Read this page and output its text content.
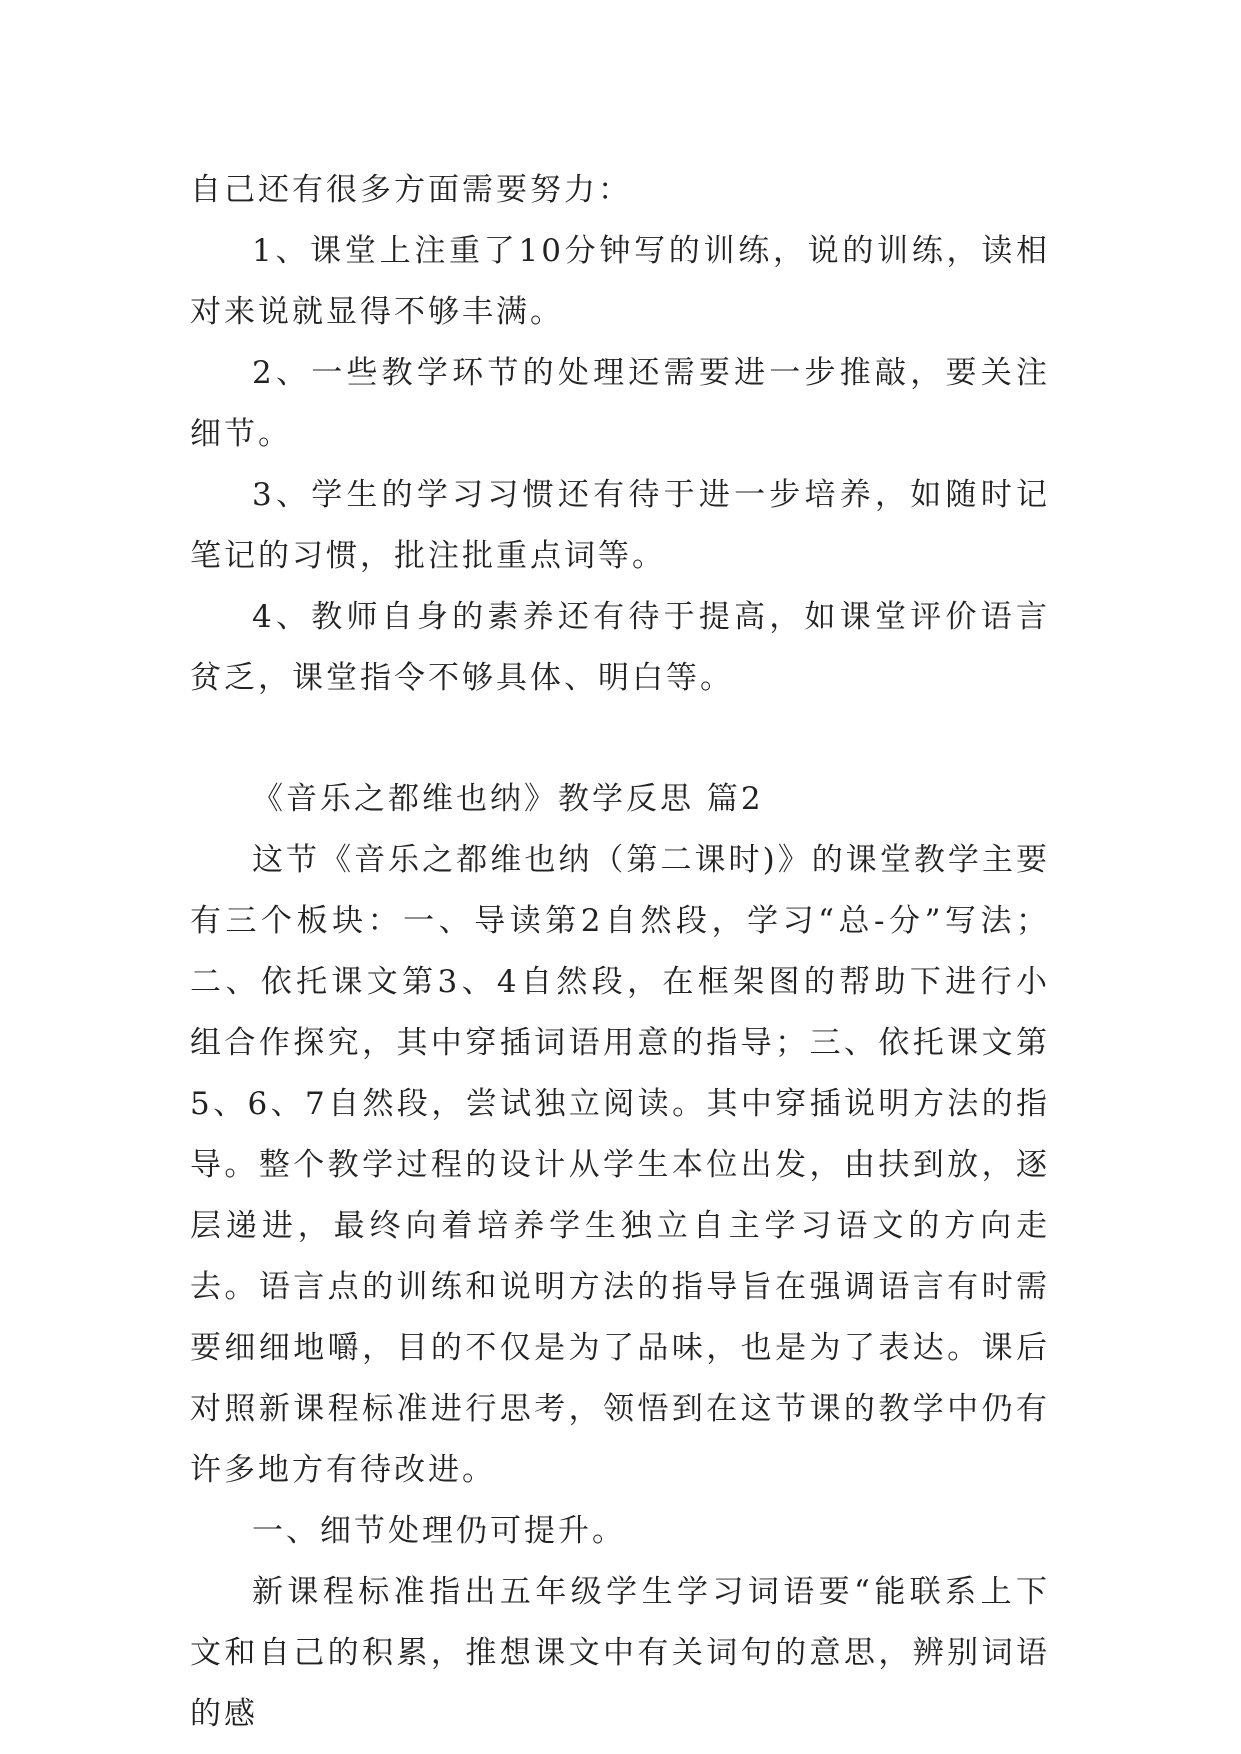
自己还有很多方面需要努力：

1、课堂上注重了10分钟写的训练，说的训练，读相对来说就显得不够丰满。

2、一些教学环节的处理还需要进一步推敲，要关注细节。

3、学生的学习习惯还有待于进一步培养，如随时记笔记的习惯，批注批重点词等。

4、教师自身的素养还有待于提高，如课堂评价语言贫乏，课堂指令不够具体、明白等。

《音乐之都维也纳》教学反思 篇2

这节《音乐之都维也纳（第二课时)》的课堂教学主要有三个板块：一、导读第2自然段，学习“总-分”写法；二、依托课文第3、4自然段，在框架图的帮助下进行小组合作探究，其中穿插词语用意的指导；三、依托课文第5、6、7自然段，尝试独立阅读。其中穿插说明方法的指导。整个教学过程的设计从学生本位出发，由扶到放，逐层递进，最终向着培养学生独立自主学习语文的方向走去。语言点的训练和说明方法的指导旨在强调语言有时需要细细地嚼，目的不仅是为了品味，也是为了表达。课后对照新课程标准进行思考，领悟到在这节课的教学中仍有许多地方有待改进。

一、细节处理仍可提升。

新课程标准指出五年级学生学习词语要“能联系上下文和自己的积累，推想课文中有关词句的意思，辨别词语的感
